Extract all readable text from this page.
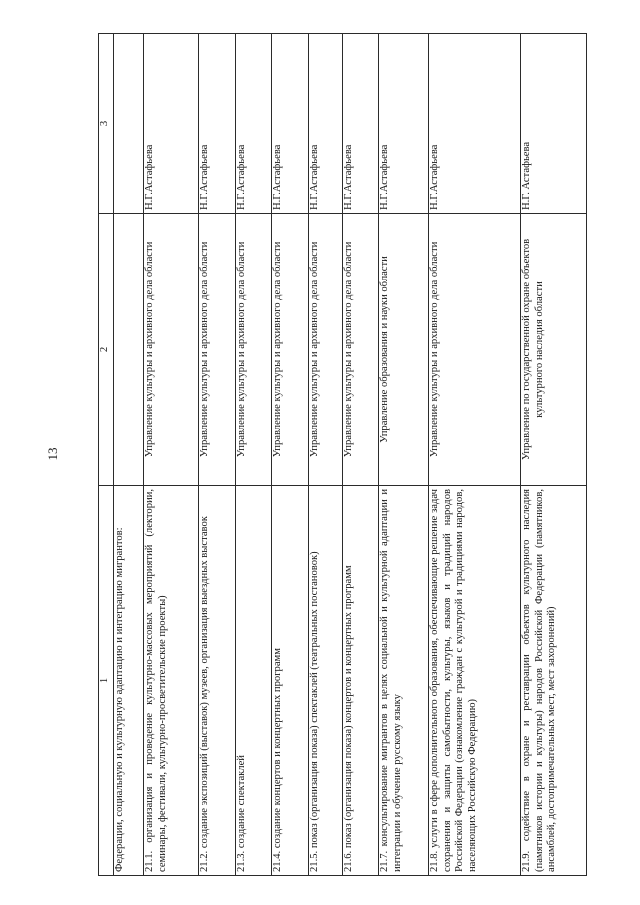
13
1	2	3
Федерации, социальную и культурную адаптацию и интеграцию мигрантов:		
21.1. организация и проведение культурно-массовых мероприятий (лектории, семинары, фестивали, культурно-просветительские проекты)	Управление культуры и архивного дела области	Н.Г.Астафьева
21.2. создание экспозиций (выставок) музеев, организация выездных выставок	Управление культуры и архивного дела области	Н.Г.Астафьева
21.3. создание спектаклей	Управление культуры и архивного дела области	Н.Г.Астафьева
21.4. создание концертов и концертных программ	Управление культуры и архивного дела области	Н.Г.Астафьева
21.5. показ (организация показа) спектаклей (театральных постановок)	Управление культуры и архивного дела области	Н.Г.Астафьева
21.6. показ (организация показа) концертов и концертных программ	Управление культуры и архивного дела области	Н.Г.Астафьева
21.7. консультирование мигрантов в целях социальной и культурной адаптации и интеграции и обучение русскому языку	Управление образования и науки области	Н.Г.Астафьева
21.8. услуги в сфере дополнительного образования, обеспечивающие решение задач сохранения и защиты самобытности, культуры, языков и традиций народов Российской Федерации (ознакомление граждан с культурой и традициями народов, населяющих Российскую Федерацию)	Управление культуры и архивного дела области	Н.Г.Астафьева
21.9. содействие в охране и реставрации объектов культурного наследия (памятников истории и культуры) народов Российской Федерации (памятников, ансамблей, достопримечательных мест, мест захоронений)	Управление по государственной охране объектов культурного наследия области	Н.Г. Астафьева
